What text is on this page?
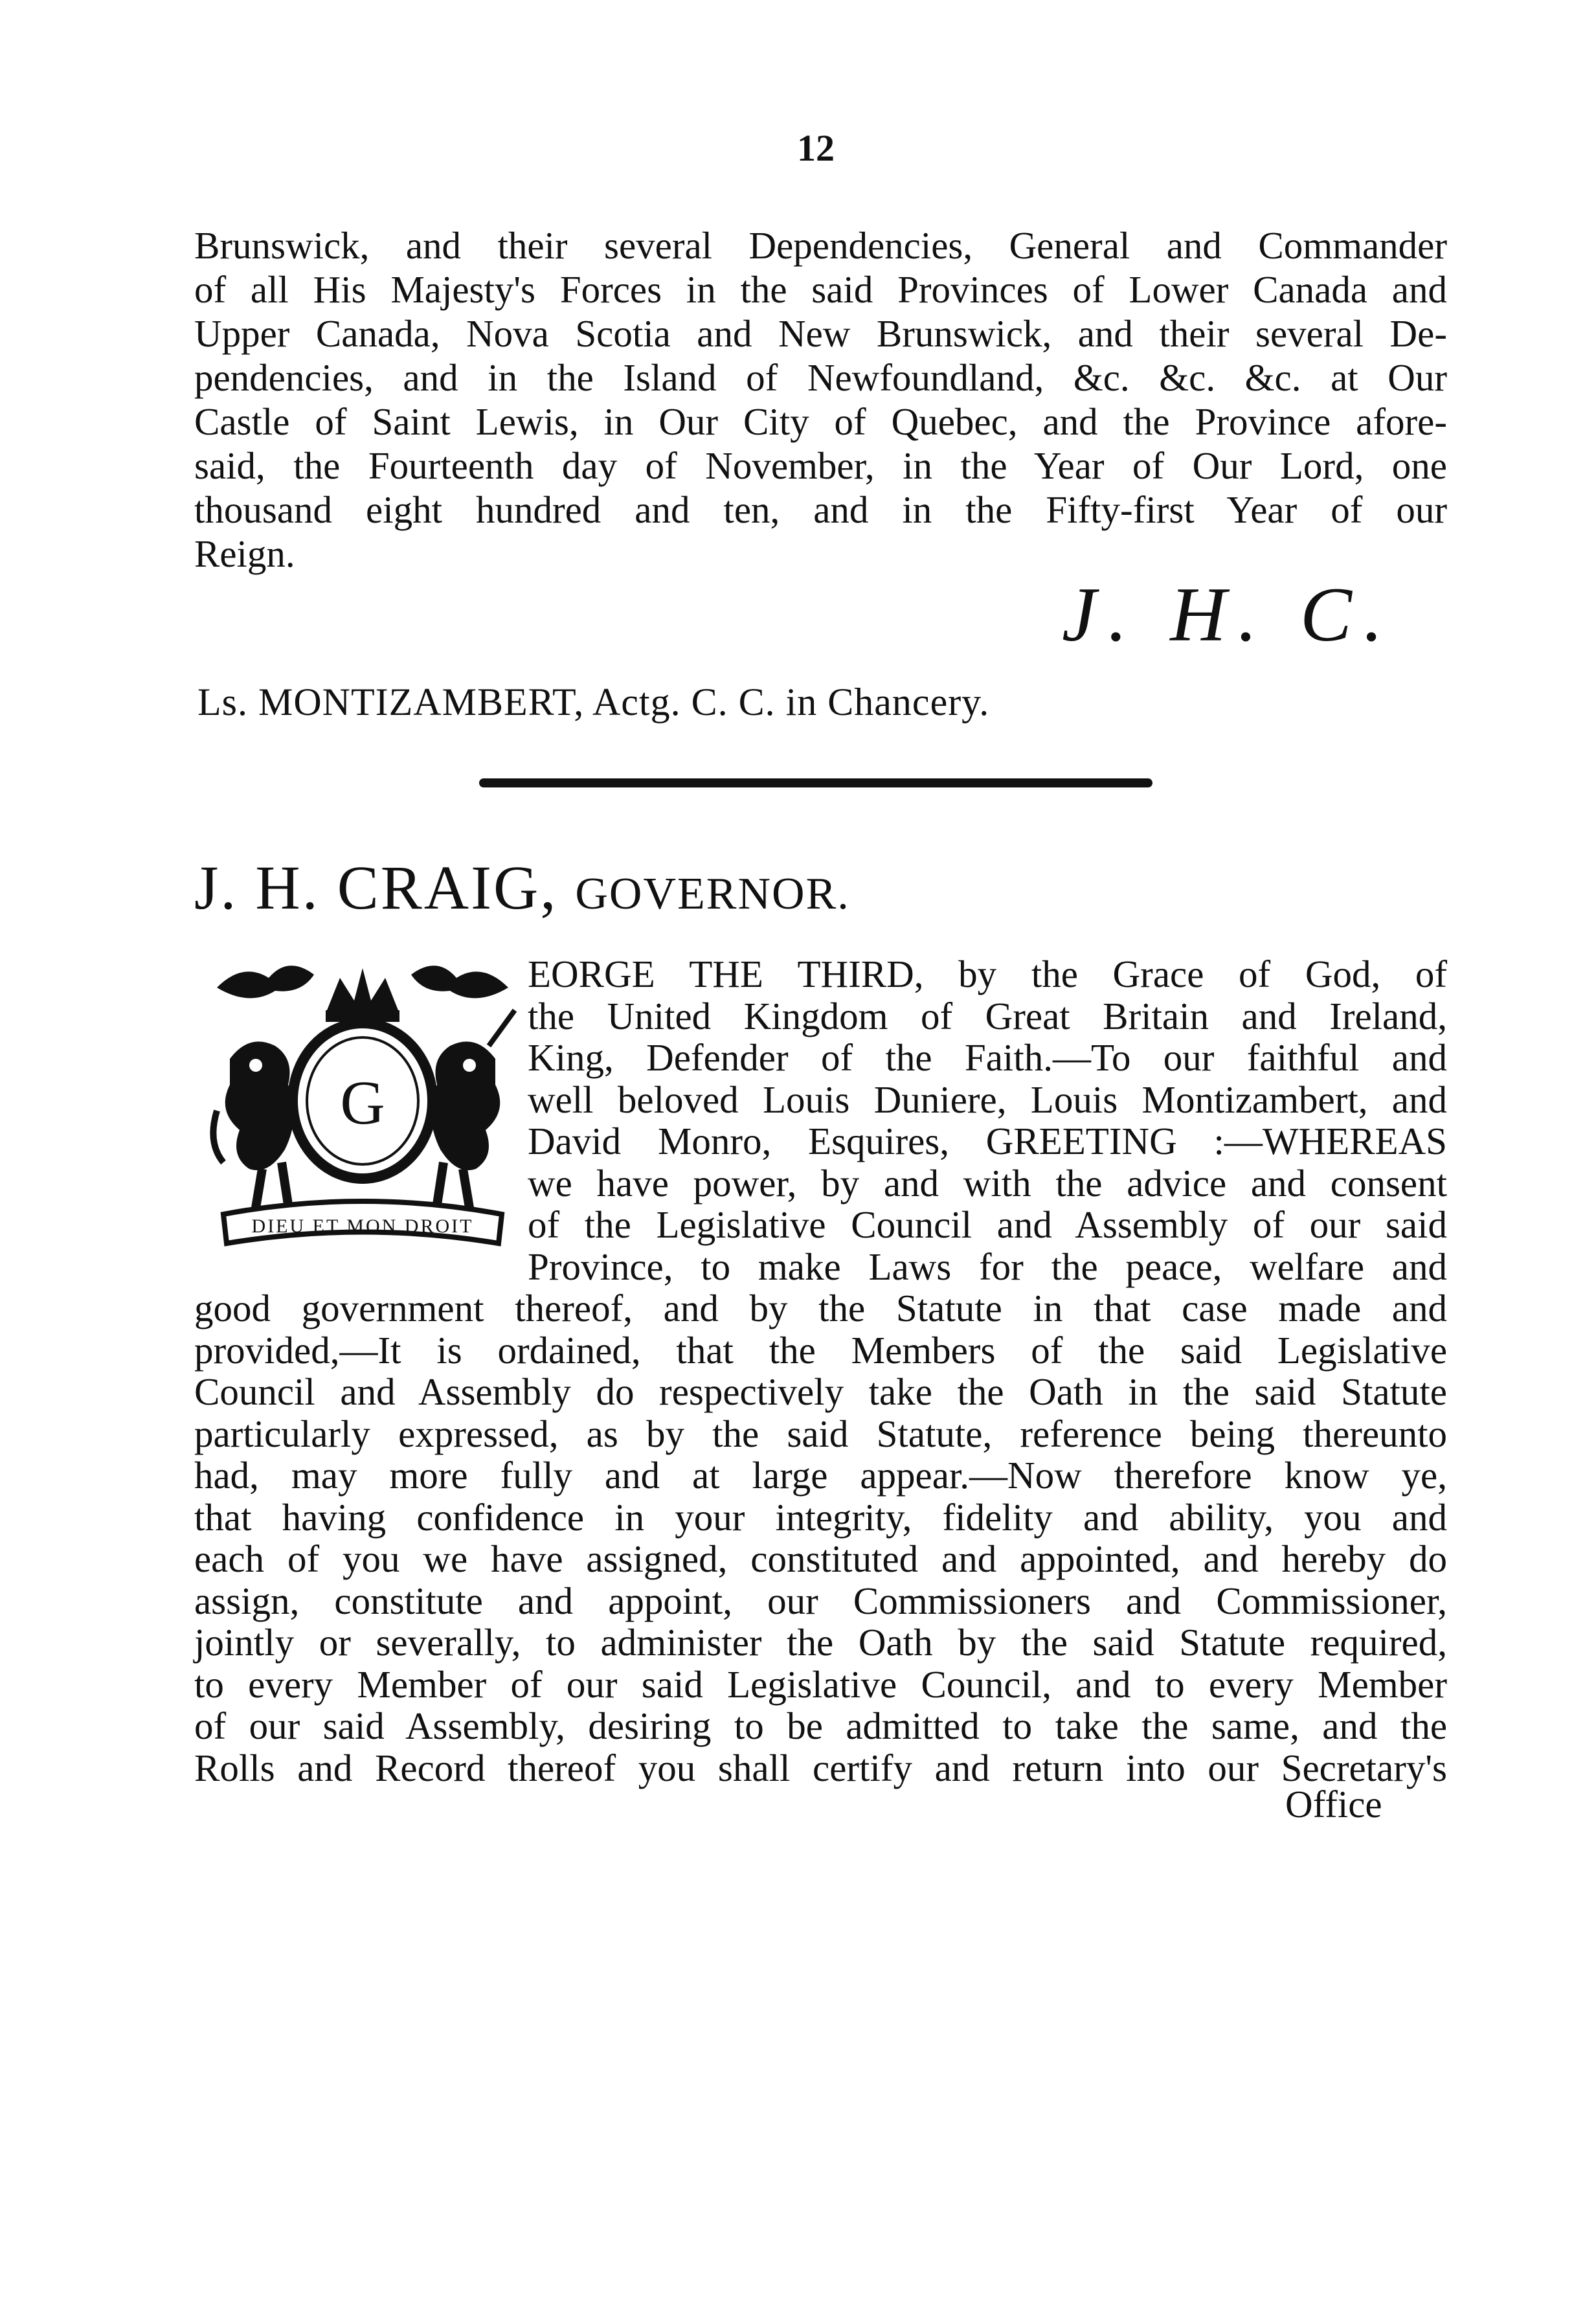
12
Brunswick, and their several Dependencies, General and Commander
of all His Majesty's Forces in the said Provinces of Lower Canada and
Upper Canada, Nova Scotia and New Brunswick, and their several De-
pendencies, and in the Island of Newfoundland, &c. &c. &c. at Our
Castle of Saint Lewis, in Our City of Quebec, and the Province afore-
said, the Fourteenth day of November, in the Year of Our Lord, one
thousand eight hundred and ten, and in the Fifty-first Year of our
Reign.
J. H. C.
Ls. MONTIZAMBERT, Actg. C. C. in Chancery.
J. H. CRAIG, GOVERNOR.
G
DIEU ET MON DROIT
EORGE THE THIRD, by the Grace of God, of
the United Kingdom of Great Britain and Ireland,
King, Defender of the Faith.—To our faithful and
well beloved Louis Duniere, Louis Montizambert, and
David Monro, Esquires, GREETING :—WHEREAS
we have power, by and with the advice and consent
of the Legislative Council and Assembly of our said
Province, to make Laws for the peace, welfare and
good government thereof, and by the Statute in that case made and
provided,—It is ordained, that the Members of the said Legislative
Council and Assembly do respectively take the Oath in the said Statute
particularly expressed, as by the said Statute, reference being thereunto
had, may more fully and at large appear.—Now therefore know ye,
that having confidence in your integrity, fidelity and ability, you and
each of you we have assigned, constituted and appointed, and hereby do
assign, constitute and appoint, our Commissioners and Commissioner,
jointly or severally, to administer the Oath by the said Statute required,
to every Member of our said Legislative Council, and to every Member
of our said Assembly, desiring to be admitted to take the same, and the
Rolls and Record thereof you shall certify and return into our Secretary's
Office
